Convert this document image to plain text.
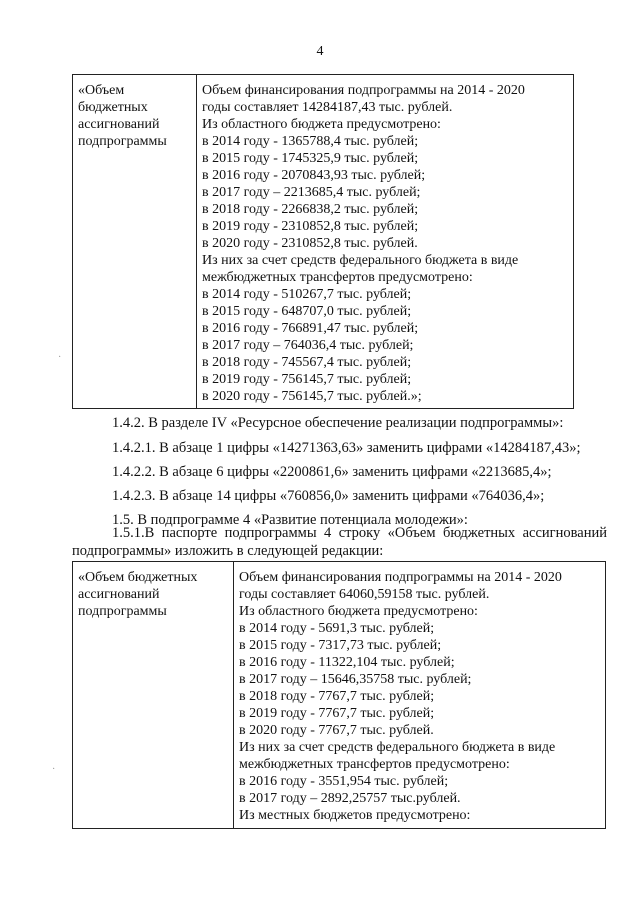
4
«Объем бюджетных ассигнований подпрограммы	
Объем финансирования подпрограммы на 2014 - 2020
годы составляет 14284187,43 тыс. рублей.
Из областного бюджета предусмотрено:
в 2014 году - 1365788,4 тыс. рублей;
в 2015 году - 1745325,9 тыс. рублей;
в 2016 году - 2070843,93 тыс. рублей;
в 2017 году – 2213685,4 тыс. рублей;
в 2018 году - 2266838,2 тыс. рублей;
в 2019 году - 2310852,8 тыс. рублей;
в 2020 году - 2310852,8 тыс. рублей.
Из них за счет средств федерального бюджета в виде
межбюджетных трансфертов предусмотрено:
в 2014 году - 510267,7 тыс. рублей;
в 2015 году - 648707,0 тыс. рублей;
в 2016 году - 766891,47 тыс. рублей;
в 2017 году – 764036,4 тыс. рублей;
в 2018 году - 745567,4 тыс. рублей;
в 2019 году - 756145,7 тыс. рублей;
в 2020 году - 756145,7 тыс. рублей.»;
1.4.2. В разделе IV «Ресурсное обеспечение реализации подпрограммы»:
1.4.2.1. В абзаце 1 цифры «14271363,63» заменить цифрами «14284187,43»;
1.4.2.2. В абзаце 6 цифры «2200861,6» заменить цифрами «2213685,4»;
1.4.2.3. В абзаце 14 цифры «760856,0» заменить цифрами «764036,4»;
1.5. В подпрограмме 4 «Развитие потенциала молодежи»:
1.5.1.В паспорте подпрограммы 4 строку «Объем бюджетных ассигнований подпрограммы» изложить в следующей редакции:
«Объем бюджетных ассигнований подпрограммы	
Объем финансирования подпрограммы на 2014 - 2020
годы составляет 64060,59158 тыс. рублей.
Из областного бюджета предусмотрено:
в 2014 году - 5691,3 тыс. рублей;
в 2015 году - 7317,73 тыс. рублей;
в 2016 году - 11322,104 тыс. рублей;
в 2017 году – 15646,35758 тыс. рублей;
в 2018 году - 7767,7 тыс. рублей;
в 2019 году - 7767,7 тыс. рублей;
в 2020 году - 7767,7 тыс. рублей.
Из них за счет средств федерального бюджета в виде
межбюджетных трансфертов предусмотрено:
в 2016 году - 3551,954 тыс. рублей;
в 2017 году – 2892,25757 тыс.рублей.
Из местных бюджетов предусмотрено:
·
·
